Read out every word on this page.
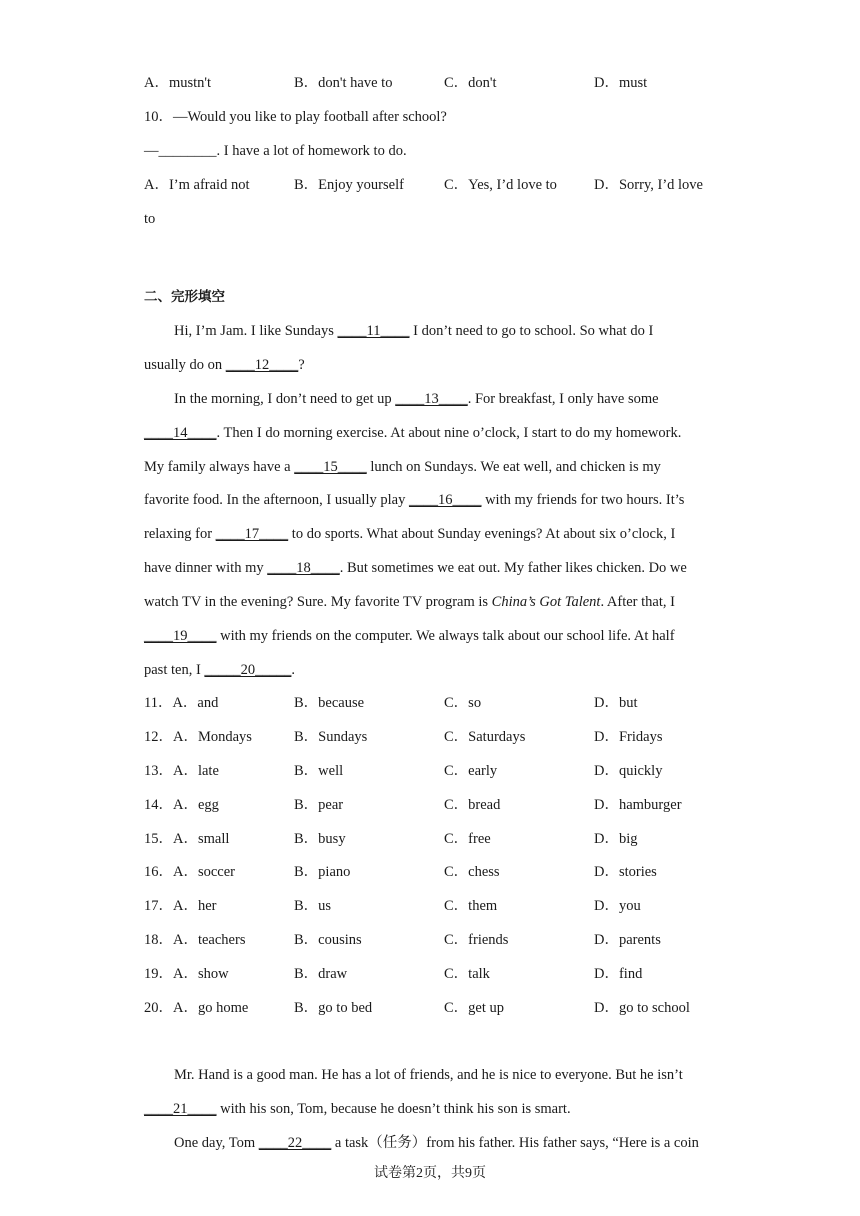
A．mustn't	B．don't have to	C．don't	D．must
10．—Would you like to play football after school?
—________. I have a lot of homework to do.
A．I’m afraid not	B．Enjoy yourself	C．Yes, I’d love to	D．Sorry, I’d love
to
二、完形填空
Hi, I’m Jam. I like Sundays ____11____ I don’t need to go to school. So what do I
usually do on ____12____?
In the morning, I don’t need to get up ____13____. For breakfast, I only have some
____14____. Then I do morning exercise. At about nine o’clock, I start to do my homework.
My family always have a ____15____ lunch on Sundays. We eat well, and chicken is my
favorite food. In the afternoon, I usually play ____16____ with my friends for two hours. It’s
relaxing for ____17____ to do sports. What about Sunday evenings? At about six o’clock, I
have dinner with my ____18____. But sometimes we eat out. My father likes chicken. Do we
watch TV in the evening? Sure. My favorite TV program is China’s Got Talent. After that, I
____19____ with my friends on the computer. We always talk about our school life. At half
past ten, I _____20_____.
11．A．and	B．because	C．so	D．but
12．A．Mondays	B．Sundays	C．Saturdays	D．Fridays
13．A．late	B．well	C．early	D．quickly
14．A．egg	B．pear	C．bread	D．hamburger
15．A．small	B．busy	C．free	D．big
16．A．soccer	B．piano	C．chess	D．stories
17．A．her	B．us	C．them	D．you
18．A．teachers	B．cousins	C．friends	D．parents
19．A．show	B．draw	C．talk	D．find
20．A．go home	B．go to bed	C．get up	D．go to school
Mr. Hand is a good man. He has a lot of friends, and he is nice to everyone. But he isn’t
____21____ with his son, Tom, because he doesn’t think his son is smart.
One day, Tom ____22____ a task（任务）from his father. His father says, “Here is a coin
试卷第2页，共9页
